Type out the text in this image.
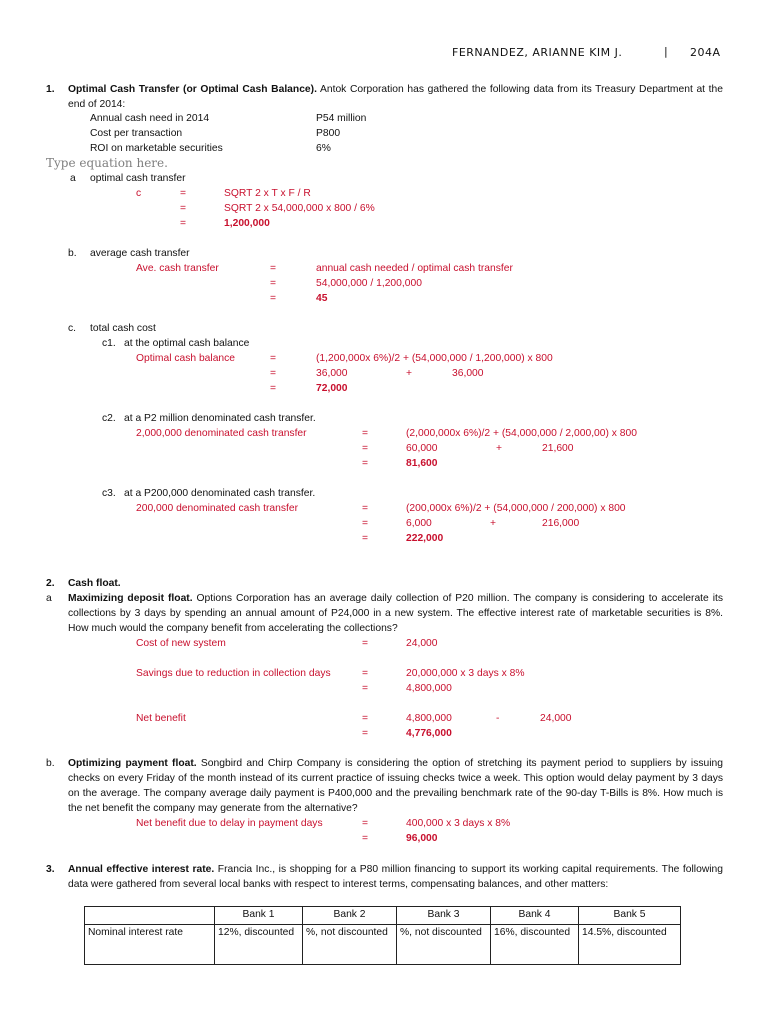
FERNANDEZ, ARIANNE KIM J.	| 204A
1. Optimal Cash Transfer (or Optimal Cash Balance). Antok Corporation has gathered the following data from its Treasury Department at the end of 2014:
Annual cash need in 2014	P54 million
Cost per transaction	P800
ROI on marketable securities	6%
Type equation here.
a optimal cash transfer
c	=	SQRT 2 x T x F / R
=	SQRT 2 x 54,000,000 x 800 / 6%
=	1,200,000
b. average cash transfer
Ave. cash transfer	=	annual cash needed / optimal cash transfer
=	54,000,000 / 1,200,000
=	45
c. total cash cost
c1. at the optimal cash balance
Optimal cash balance	=	(1,200,000x 6%)/2 + (54,000,000 / 1,200,000) x 800
=	36,000	+	36,000
=	72,000
c2. at a P2 million denominated cash transfer.
2,000,000 denominated cash transfer	=	(2,000,000x 6%)/2 + (54,000,000 / 2,000,00) x 800
=	60,000	+	21,600
=	81,600
c3. at a P200,000 denominated cash transfer.
200,000 denominated cash transfer	=	(200,000x 6%)/2 + (54,000,000 / 200,000) x 800
=	6,000	+	216,000
=	222,000
2. Cash float.
a Maximizing deposit float. Options Corporation has an average daily collection of P20 million. The company is considering to accelerate its collections by 3 days by spending an annual amount of P24,000 in a new system. The effective interest rate of marketable securities is 8%. How much would the company benefit from accelerating the collections?
Cost of new system	=	24,000
Savings due to reduction in collection days	=	20,000,000 x 3 days x 8%
=	4,800,000
Net benefit	=	4,800,000	-	24,000
=	4,776,000
b. Optimizing payment float. Songbird and Chirp Company is considering the option of stretching its payment period to suppliers by issuing checks on every Friday of the month instead of its current practice of issuing checks twice a week. This option would delay payment by 3 days on the average. The company average daily payment is P400,000 and the prevailing benchmark rate of the 90-day T-Bills is 8%. How much is the net benefit the company may generate from the alternative?
Net benefit due to delay in payment days	=	400,000 x 3 days x 8%
=	96,000
3. Annual effective interest rate. Francia Inc., is shopping for a P80 million financing to support its working capital requirements. The following data were gathered from several local banks with respect to interest terms, compensating balances, and other matters:
	Bank 1	Bank 2	Bank 3	Bank 4	Bank 5
Nominal interest rate	12%, discounted	%, not discounted	%, not discounted	16%, discounted	14.5%, discounted
